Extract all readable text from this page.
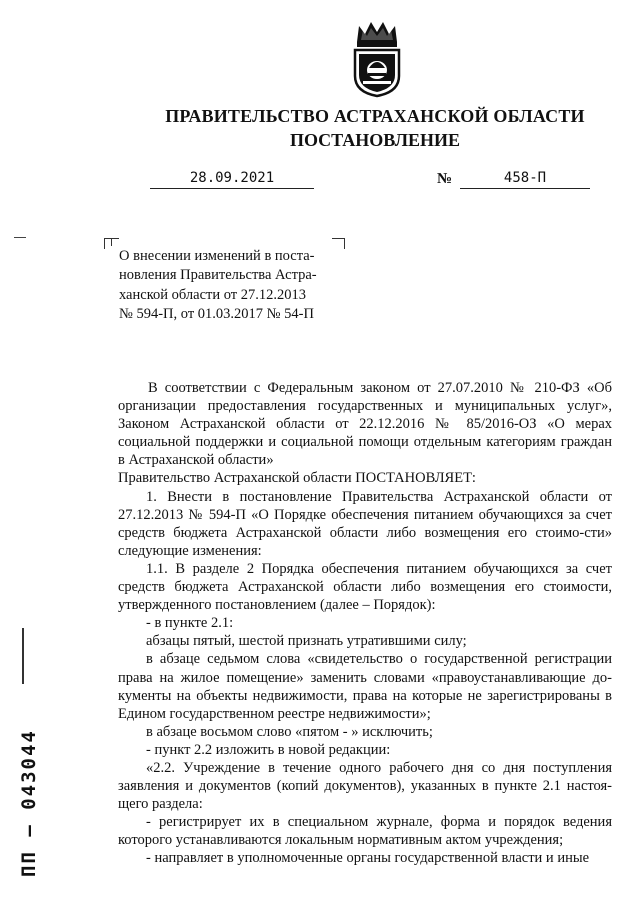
ПРАВИТЕЛЬСТВО АСТРАХАНСКОЙ ОБЛАСТИ
ПОСТАНОВЛЕНИЕ
28.09.2021	№	458-П

О внесении изменений в поста-

новления Правительства Астра-

ханской области от 27.12.2013

№ 594-П, от 01.03.2017 № 54-П

В соответствии с Федеральным законом от 27.07.2010 № 210-ФЗ «Об организации предоставления государственных и муниципальных услуг», Законом Астраханской области от 22.12.2016 № 85/2016-ОЗ «О мерах социальной поддержки и социальной помощи отдельным категориям граждан в Астраханской области»

Правительство Астраханской области ПОСТАНОВЛЯЕТ:

1. Внести в постановление Правительства Астраханской области от 27.12.2013 № 594-П «О Порядке обеспечения питанием обучающихся за счет средств бюджета Астраханской области либо возмещения его стоимо-сти» следующие изменения:

1.1. В разделе 2 Порядка обеспечения питанием обучающихся за счет средств бюджета Астраханской области либо возмещения его стоимости, утвержденного постановлением (далее – Порядок):

- в пункте 2.1:

абзацы пятый, шестой признать утратившими силу;

в абзаце седьмом слова «свидетельство о государственной регистрации права на жилое помещение» заменить словами «правоустанавливающие до-кументы на объекты недвижимости, права на которые не зарегистрированы в Едином государственном реестре недвижимости»;

в абзаце восьмом слово «пятом - » исключить;

- пункт 2.2 изложить в новой редакции:

«2.2. Учреждение в течение одного рабочего дня со дня поступления заявления и документов (копий документов), указанных в пункте 2.1 настоя-щего раздела:

- регистрирует их в специальном журнале, форма и порядок ведения которого устанавливаются локальным нормативным актом учреждения;

- направляет в уполномоченные органы государственной власти и иные

ПП – 043044
